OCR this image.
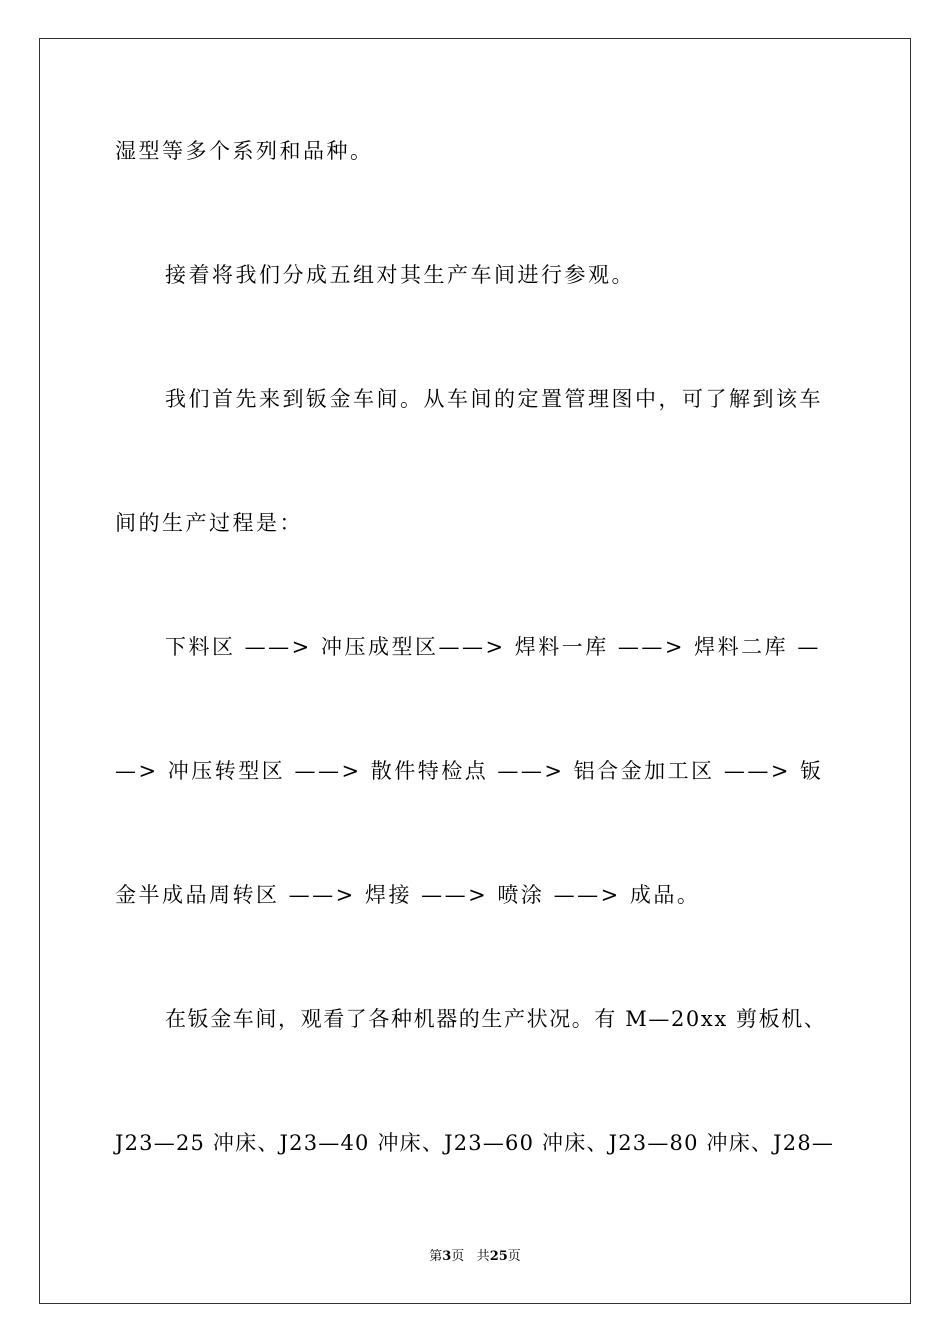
湿型等多个系列和品种。
接着将我们分成五组对其生产车间进行参观。
我们首先来到钣金车间。从车间的定置管理图中，可了解到该车
间的生产过程是：
下料区 ——> 冲压成型区——> 焊料一库 ——> 焊料二库 —
—> 冲压转型区 ——> 散件特检点 ——> 铝合金加工区 ——> 钣
金半成品周转区 ——> 焊接 ——> 喷涂 ——> 成品。
在钣金车间，观看了各种机器的生产状况。有 M—20xx 剪板机、
J23—25 冲床、J23—40 冲床、J23—60 冲床、J23—80 冲床、J28—
第3页 共25页
